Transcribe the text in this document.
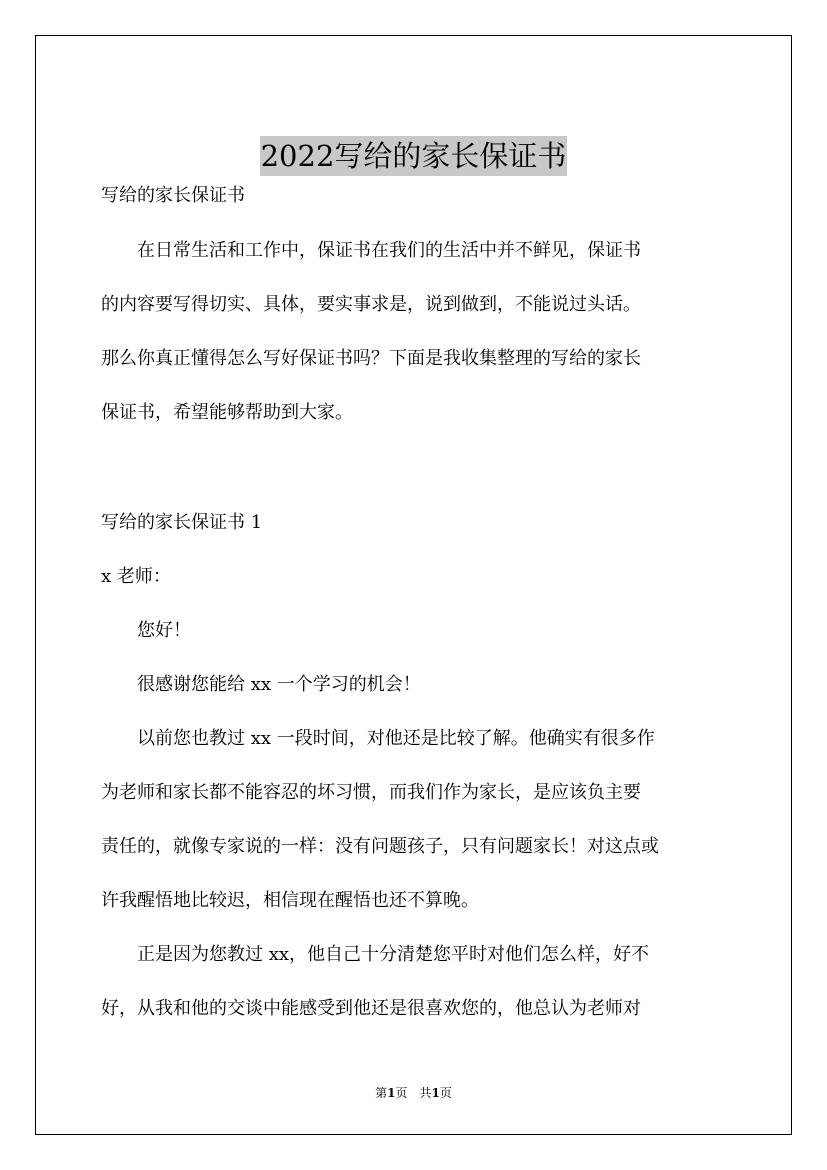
2022写给的家长保证书
写给的家长保证书
　　在日常生活和工作中，保证书在我们的生活中并不鲜见，保证书
的内容要写得切实、具体，要实事求是，说到做到，不能说过头话。
那么你真正懂得怎么写好保证书吗？下面是我收集整理的写给的家长
保证书，希望能够帮助到大家。
写给的家长保证书 1
x 老师：
　　您好！
　　很感谢您能给 xx 一个学习的机会！
　　以前您也教过 xx 一段时间，对他还是比较了解。他确实有很多作
为老师和家长都不能容忍的坏习惯，而我们作为家长，是应该负主要
责任的，就像专家说的一样：没有问题孩子，只有问题家长！对这点或
许我醒悟地比较迟，相信现在醒悟也还不算晚。
　　正是因为您教过 xx，他自己十分清楚您平时对他们怎么样，好不
好，从我和他的交谈中能感受到他还是很喜欢您的，他总认为老师对
第1页　共1页
